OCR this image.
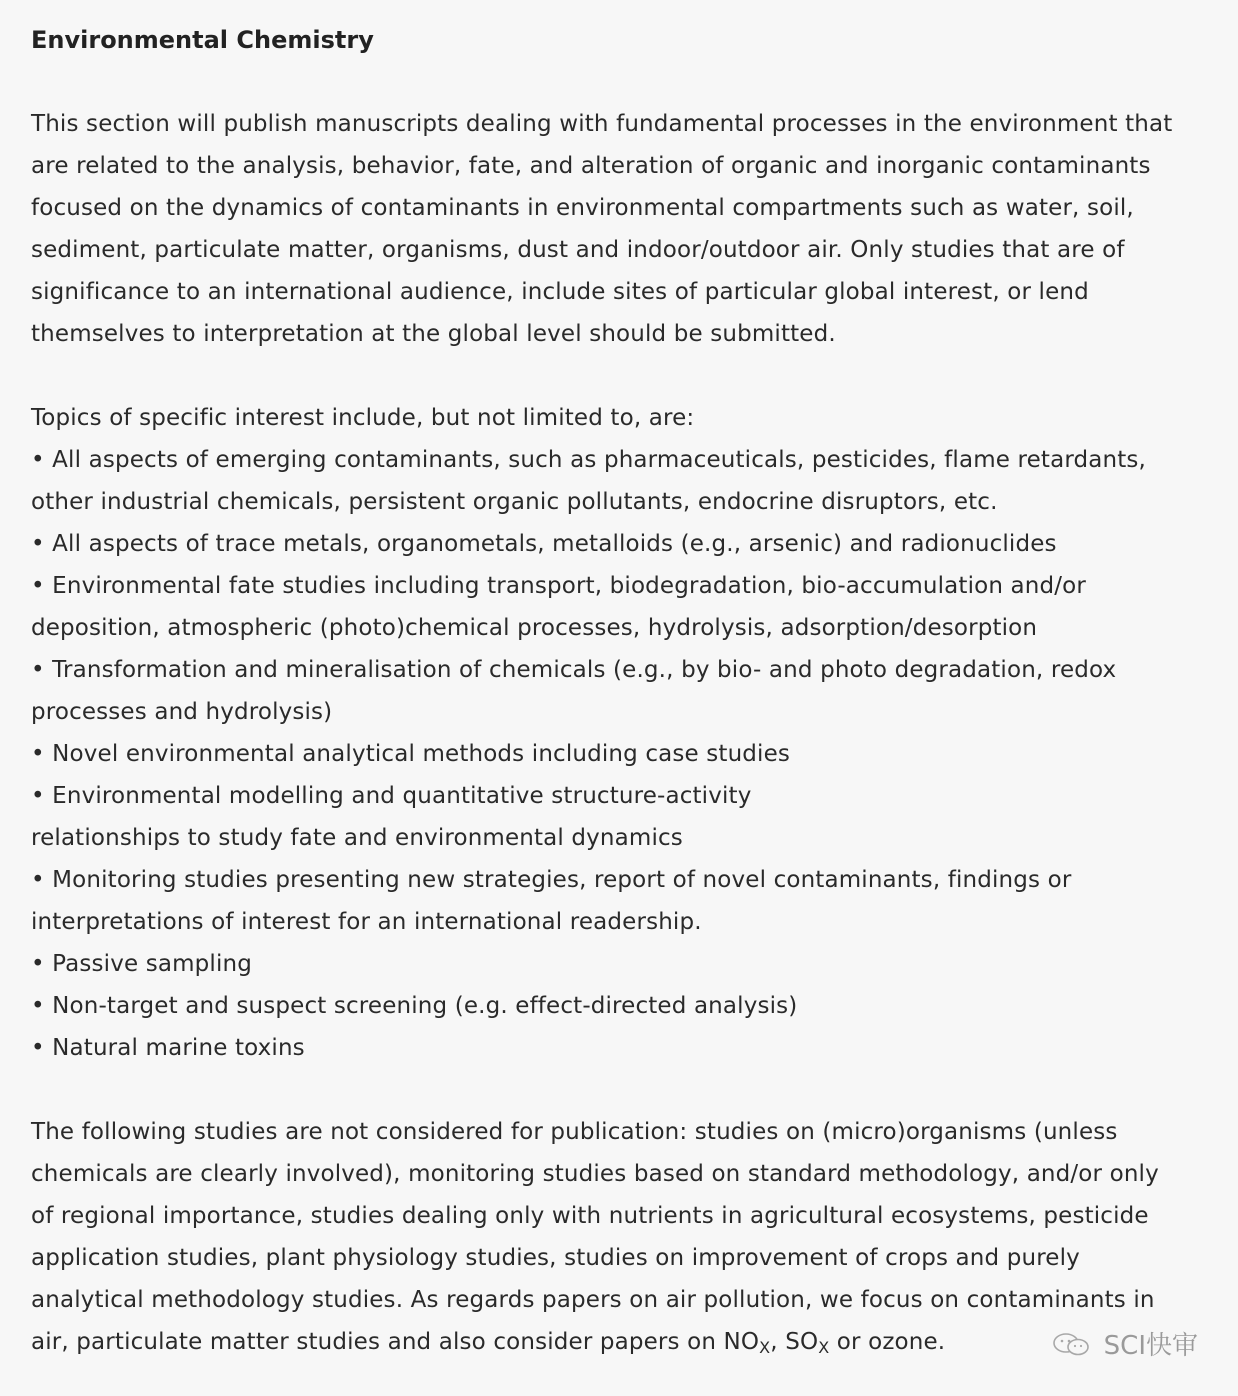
Environmental Chemistry
This section will publish manuscripts dealing with fundamental processes in the environment that
are related to the analysis, behavior, fate, and alteration of organic and inorganic contaminants
focused on the dynamics of contaminants in environmental compartments such as water, soil,
sediment, particulate matter, organisms, dust and indoor/outdoor air. Only studies that are of
significance to an international audience, include sites of particular global interest, or lend
themselves to interpretation at the global level should be submitted.
Topics of specific interest include, but not limited to, are:
• All aspects of emerging contaminants, such as pharmaceuticals, pesticides, flame retardants,
other industrial chemicals, persistent organic pollutants, endocrine disruptors, etc.
• All aspects of trace metals, organometals, metalloids (e.g., arsenic) and radionuclides
• Environmental fate studies including transport, biodegradation, bio-accumulation and/or
deposition, atmospheric (photo)chemical processes, hydrolysis, adsorption/desorption
• Transformation and mineralisation of chemicals (e.g., by bio- and photo degradation, redox
processes and hydrolysis)
• Novel environmental analytical methods including case studies
• Environmental modelling and quantitative structure-activity
relationships to study fate and environmental dynamics
• Monitoring studies presenting new strategies, report of novel contaminants, findings or
interpretations of interest for an international readership.
• Passive sampling
• Non-target and suspect screening (e.g. effect-directed analysis)
• Natural marine toxins
The following studies are not considered for publication: studies on (micro)organisms (unless
chemicals are clearly involved), monitoring studies based on standard methodology, and/or only
of regional importance, studies dealing only with nutrients in agricultural ecosystems, pesticide
application studies, plant physiology studies, studies on improvement of crops and purely
analytical methodology studies. As regards papers on air pollution, we focus on contaminants in
air, particulate matter studies and also consider papers on $NO_X$, $SO_X$ or ozone.	SCI快审
